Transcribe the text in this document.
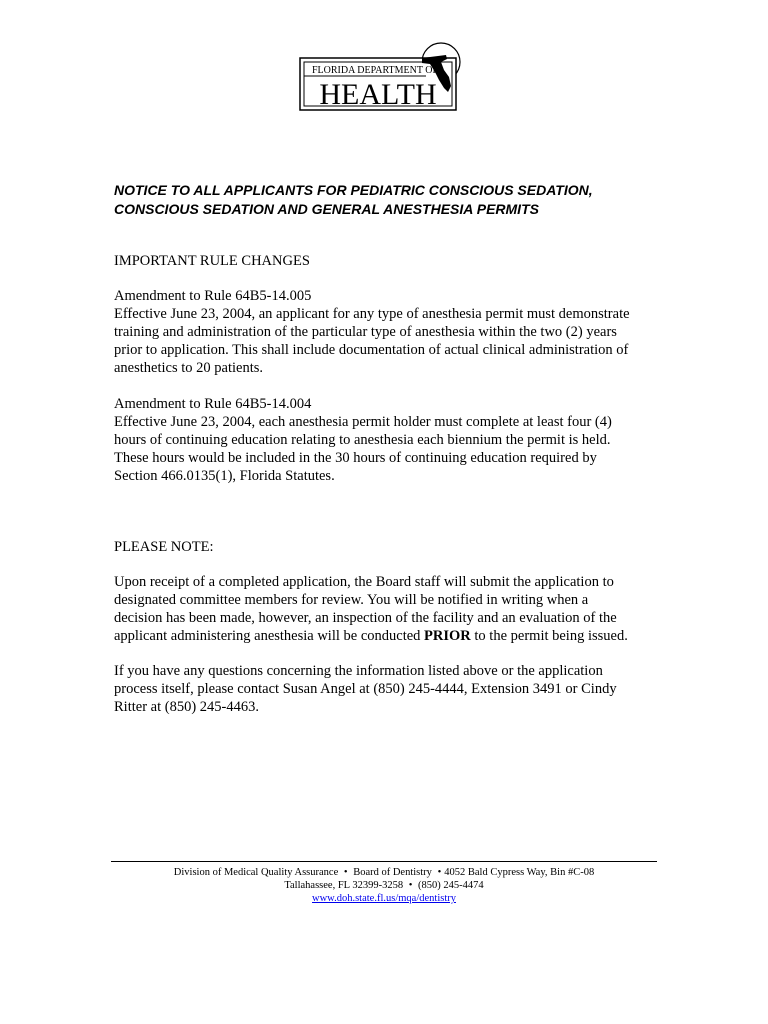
FLORIDA DEPARTMENT OF
HEALTH
NOTICE TO ALL APPLICANTS FOR PEDIATRIC CONSCIOUS SEDATION,
CONSCIOUS SEDATION AND GENERAL ANESTHESIA PERMITS
IMPORTANT RULE CHANGES

Amendment to Rule 64B5-14.005

Effective June 23, 2004, an applicant for any type of anesthesia permit must demonstrate

training and administration of the particular type of anesthesia within the two (2) years

prior to application. This shall include documentation of actual clinical administration of

anesthetics to 20 patients.

Amendment to Rule 64B5-14.004

Effective June 23, 2004, each anesthesia permit holder must complete at least four (4)

hours of continuing education relating to anesthesia each biennium the permit is held.

These hours would be included in the 30 hours of continuing education required by

Section 466.0135(1), Florida Statutes.

PLEASE NOTE:

Upon receipt of a completed application, the Board staff will submit the application to

designated committee members for review. You will be notified in writing when a

decision has been made, however, an inspection of the facility and an evaluation of the

applicant administering anesthesia will be conducted PRIOR to the permit being issued.

If you have any questions concerning the information listed above or the application

process itself, please contact Susan Angel at (850) 245-4444, Extension 3491 or Cindy

Ritter at (850) 245-4463.

Division of Medical Quality Assurance • Board of Dentistry • 4052 Bald Cypress Way, Bin #C-08
Tallahassee, FL 32399-3258 • (850) 245-4474
www.doh.state.fl.us/mqa/dentistry
